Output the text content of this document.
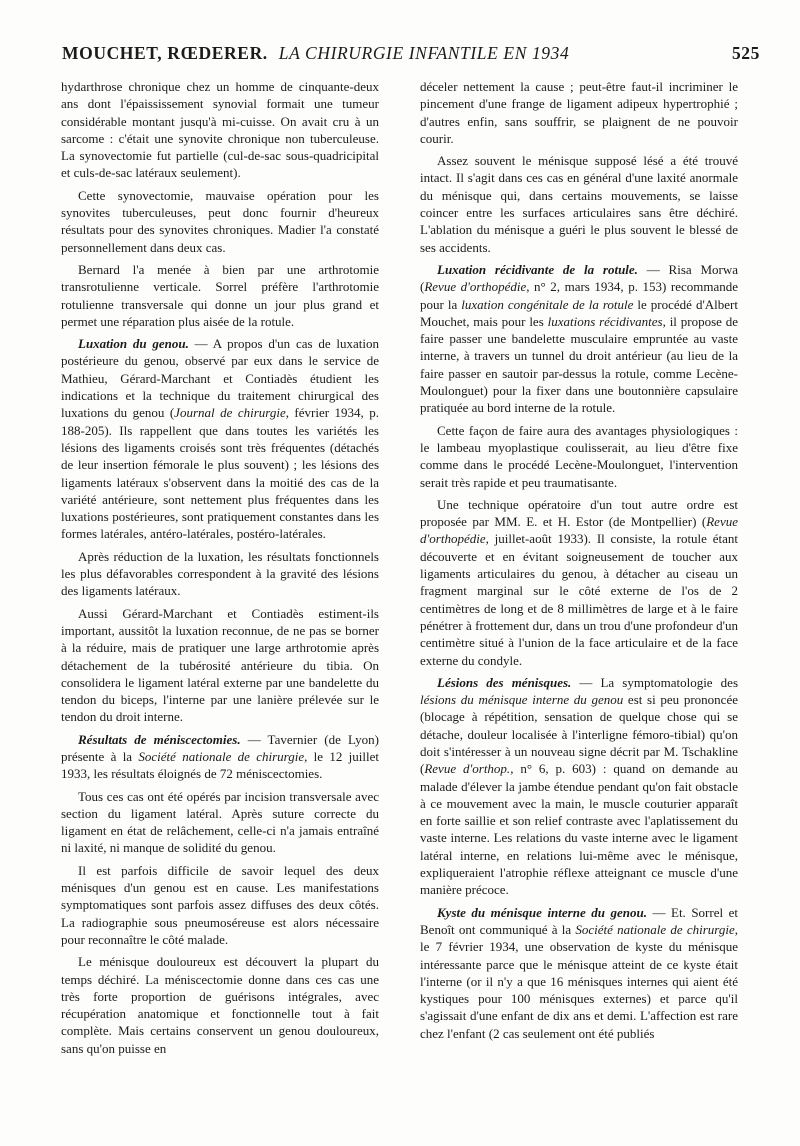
MOUCHET, RŒDERER. LA CHIRURGIE INFANTILE EN 1934	525

hydarthrose chronique chez un homme de cinquante-deux ans dont l'épaississement synovial formait une tumeur considérable montant jusqu'à mi-cuisse. On avait cru à un sarcome : c'était une synovite chronique non tuberculeuse. La synovectomie fut partielle (cul-de-sac sous-quadricipital et culs-de-sac latéraux seulement).

Cette synovectomie, mauvaise opération pour les synovites tuberculeuses, peut donc fournir d'heureux résultats pour des synovites chroniques. Madier l'a constaté personnellement dans deux cas.

Bernard l'a menée à bien par une arthrotomie transrotulienne verticale. Sorrel préfère l'arthrotomie rotulienne transversale qui donne un jour plus grand et permet une réparation plus aisée de la rotule.

Luxation du genou. — A propos d'un cas de luxation postérieure du genou, observé par eux dans le service de Mathieu, Gérard-Marchant et Contiadès étudient les indications et la technique du traitement chirurgical des luxations du genou (Journal de chirurgie, février 1934, p. 188-205). Ils rappellent que dans toutes les variétés les lésions des ligaments croisés sont très fréquentes (détachés de leur insertion fémorale le plus souvent) ; les lésions des ligaments latéraux s'observent dans la moitié des cas de la variété antérieure, sont nettement plus fréquentes dans les luxations postérieures, sont pratiquement constantes dans les formes latérales, antéro-latérales, postéro-latérales.

Après réduction de la luxation, les résultats fonctionnels les plus défavorables correspondent à la gravité des lésions des ligaments latéraux.

Aussi Gérard-Marchant et Contiadès estiment-ils important, aussitôt la luxation reconnue, de ne pas se borner à la réduire, mais de pratiquer une large arthrotomie après détachement de la tubérosité antérieure du tibia. On consolidera le ligament latéral externe par une bandelette du tendon du biceps, l'interne par une lanière prélevée sur le tendon du droit interne.

Résultats de méniscectomies. — Tavernier (de Lyon) présente à la Société nationale de chirurgie, le 12 juillet 1933, les résultats éloignés de 72 méniscectomies.

Tous ces cas ont été opérés par incision transversale avec section du ligament latéral. Après suture correcte du ligament en état de relâchement, celle-ci n'a jamais entraîné ni laxité, ni manque de solidité du genou.

Il est parfois difficile de savoir lequel des deux ménisques d'un genou est en cause. Les manifestations symptomatiques sont parfois assez diffuses des deux côtés. La radiographie sous pneumoséreuse est alors nécessaire pour reconnaître le côté malade.

Le ménisque douloureux est découvert la plupart du temps déchiré. La méniscectomie donne dans ces cas une très forte proportion de guérisons intégrales, avec récupération anatomique et fonctionnelle tout à fait complète. Mais certains conservent un genou douloureux, sans qu'on puisse en

déceler nettement la cause ; peut-être faut-il incriminer le pincement d'une frange de ligament adipeux hypertrophié ; d'autres enfin, sans souffrir, se plaignent de ne pouvoir courir.

Assez souvent le ménisque supposé lésé a été trouvé intact. Il s'agit dans ces cas en général d'une laxité anormale du ménisque qui, dans certains mouvements, se laisse coincer entre les surfaces articulaires sans être déchiré. L'ablation du ménisque a guéri le plus souvent le blessé de ses accidents.

Luxation récidivante de la rotule. — Risa Morwa (Revue d'orthopédie, n° 2, mars 1934, p. 153) recommande pour la luxation congénitale de la rotule le procédé d'Albert Mouchet, mais pour les luxations récidivantes, il propose de faire passer une bandelette musculaire empruntée au vaste interne, à travers un tunnel du droit antérieur (au lieu de la faire passer en sautoir par-dessus la rotule, comme Lecène-Moulonguet) pour la fixer dans une boutonnière capsulaire pratiquée au bord interne de la rotule.

Cette façon de faire aura des avantages physiologiques : le lambeau myoplastique coulisserait, au lieu d'être fixe comme dans le procédé Lecène-Moulonguet, l'intervention serait très rapide et peu traumatisante.

Une technique opératoire d'un tout autre ordre est proposée par MM. E. et H. Estor (de Montpellier) (Revue d'orthopédie, juillet-août 1933). Il consiste, la rotule étant découverte et en évitant soigneusement de toucher aux ligaments articulaires du genou, à détacher au ciseau un fragment marginal sur le côté externe de l'os de 2 centimètres de long et de 8 millimètres de large et à le faire pénétrer à frottement dur, dans un trou d'une profondeur d'un centimètre situé à l'union de la face articulaire et de la face externe du condyle.

Lésions des ménisques. — La symptomatologie des lésions du ménisque interne du genou est si peu prononcée (blocage à répétition, sensation de quelque chose qui se détache, douleur localisée à l'interligne fémoro-tibial) qu'on doit s'intéresser à un nouveau signe décrit par M. Tschakline (Revue d'orthop., n° 6, p. 603) : quand on demande au malade d'élever la jambe étendue pendant qu'on fait obstacle à ce mouvement avec la main, le muscle couturier apparaît en forte saillie et son relief contraste avec l'aplatissement du vaste interne. Les relations du vaste interne avec le ligament latéral interne, en relations lui-même avec le ménisque, expliqueraient l'atrophie réflexe atteignant ce muscle d'une manière précoce.

Kyste du ménisque interne du genou. — Et. Sorrel et Benoît ont communiqué à la Société nationale de chirurgie, le 7 février 1934, une observation de kyste du ménisque intéressante parce que le ménisque atteint de ce kyste était l'interne (or il n'y a que 16 ménisques internes qui aient été kystiques pour 100 ménisques externes) et parce qu'il s'agissait d'une enfant de dix ans et demi. L'affection est rare chez l'enfant (2 cas seulement ont été publiés
